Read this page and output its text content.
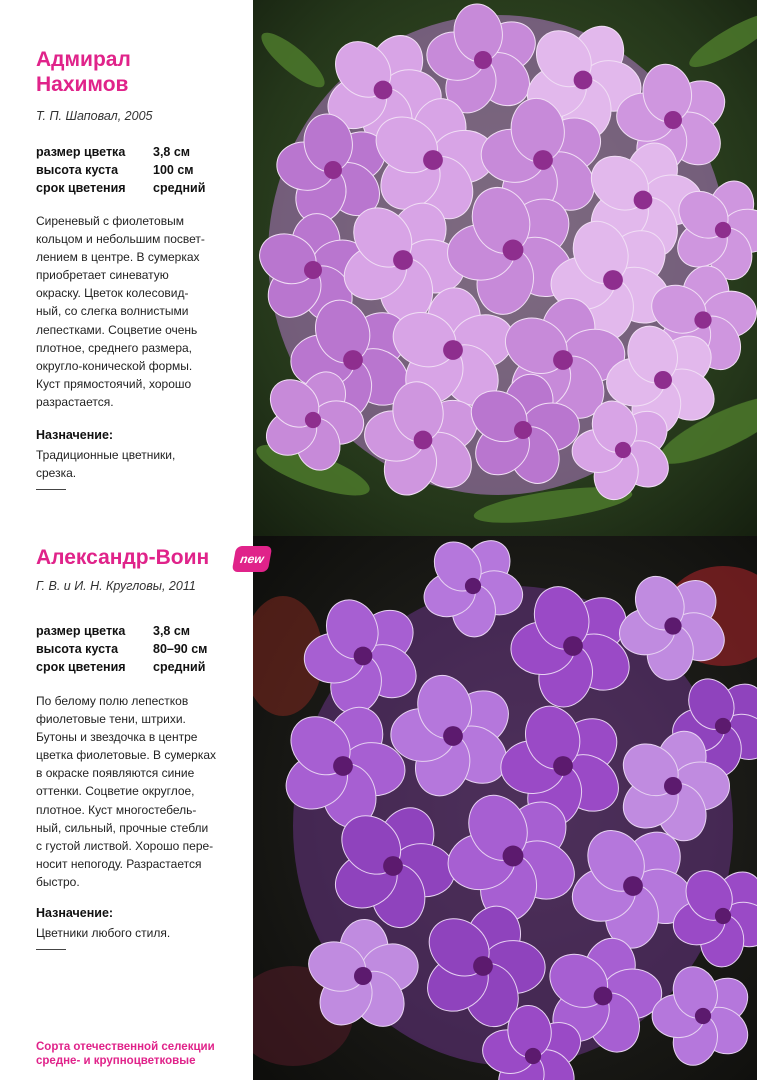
Адмирал
Нахимов
Т. П. Шаповал, 2005
размер цветка	3,8 см
высота куста	100 см
срок цветения	средний
Сиреневый с фиолетовым
кольцом и небольшим посвет-
лением в центре. В сумерках
приобретает синеватую
окраску. Цветок колесовид-
ный, со слегка волнистыми
лепестками. Соцветие очень
плотное, среднего размера,
округло-конической формы.
Куст прямостоячий, хорошо
разрастается.
Назначение:
Традиционные цветники,
срезка.
Александр-Воин
Г. В. и И. Н. Кругловы, 2011
размер цветка	3,8 см
высота куста	80–90 см
срок цветения	средний
По белому полю лепестков
фиолетовые тени, штрихи.
Бутоны и звездочка в центре
цветка фиолетовые. В сумерках
в окраске появляются синие
оттенки. Соцветие округлое,
плотное. Куст многостебель-
ный, сильный, прочные стебли
с густой листвой. Хорошо пере-
носит непогоду. Разрастается
быстро.
Назначение:
Цветники любого стиля.
Сорта отечественной селекции
средне- и крупноцветковые
new
